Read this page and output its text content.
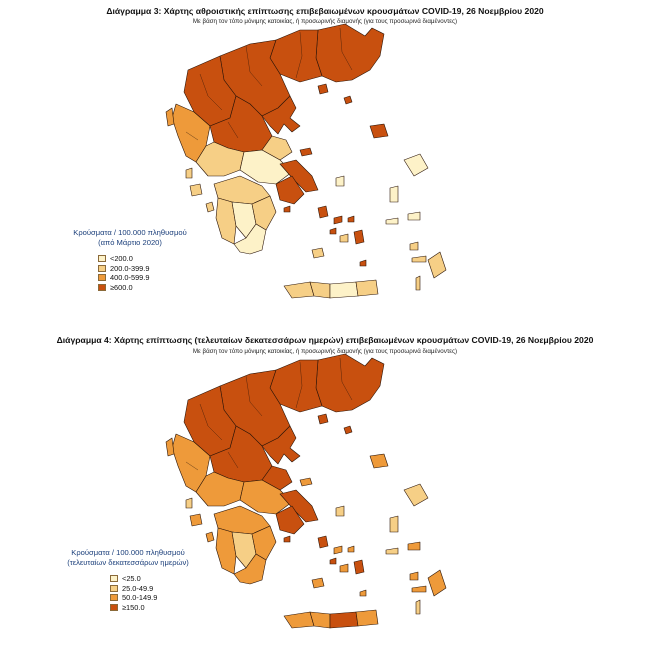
Διάγραμμα 3: Χάρτης αθροιστικής επίπτωσης επιβεβαιωμένων κρουσμάτων COVID-19, 26 Νοεμβρίου 2020
Με βάση τον τόπο μόνιμης κατοικίας, ή προσωρινής διαμονής (για τους προσωρινά διαμένοντες)
Κρούσματα / 100.000 πληθυσμού
(από Μάρτιο 2020)
<200.0
200.0-399.9
400.0-599.9
≥600.0
Διάγραμμα 4: Χάρτης επίπτωσης (τελευταίων δεκατεσσάρων ημερών) επιβεβαιωμένων κρουσμάτων COVID-19, 26 Νοεμβρίου 2020
Με βάση τον τόπο μόνιμης κατοικίας, ή προσωρινής διαμονής (για τους προσωρινά διαμένοντες)
Κρούσματα / 100.000 πληθυσμού
(τελευταίων δεκατεσσάρων ημερών)
<25.0
25.0-49.9
50.0-149.9
≥150.0
